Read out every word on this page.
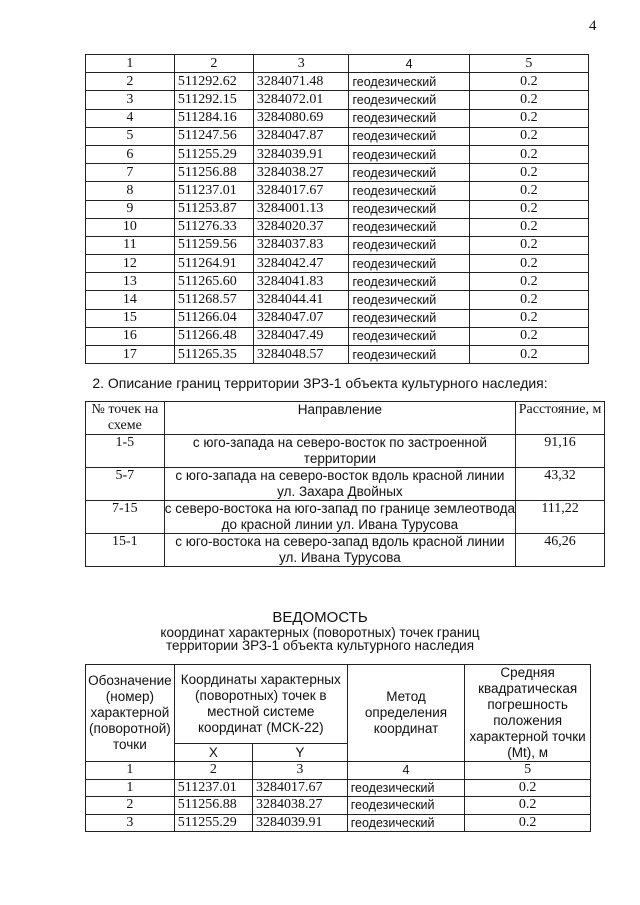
4
1	2	3	4	5
2	511292.62	3284071.48	геодезический	0.2
3	511292.15	3284072.01	геодезический	0.2
4	511284.16	3284080.69	геодезический	0.2
5	511247.56	3284047.87	геодезический	0.2
6	511255.29	3284039.91	геодезический	0.2
7	511256.88	3284038.27	геодезический	0.2
8	511237.01	3284017.67	геодезический	0.2
9	511253.87	3284001.13	геодезический	0.2
10	511276.33	3284020.37	геодезический	0.2
11	511259.56	3284037.83	геодезический	0.2
12	511264.91	3284042.47	геодезический	0.2
13	511265.60	3284041.83	геодезический	0.2
14	511268.57	3284044.41	геодезический	0.2
15	511266.04	3284047.07	геодезический	0.2
16	511266.48	3284047.49	геодезический	0.2
17	511265.35	3284048.57	геодезический	0.2
2. Описание границ территории ЗРЗ-1 объекта культурного наследия:
№ точек на схеме	Направление	Расстояние, м
1-5	с юго-запада на северо-восток по застроенной территории	91,16
5-7	с юго-запада на северо-восток вдоль красной линии ул. Захара Двойных	43,32
7-15	с северо-востока на юго-запад по границе землеотвода до красной линии ул. Ивана Турусова	111,22
15-1	с юго-востока на северо-запад вдоль красной линии ул. Ивана Турусова	46,26
ВЕДОМОСТЬ
координат характерных (поворотных) точек границ
территории ЗРЗ-1 объекта культурного наследия
Обозначение (номер) характерной (поворотной) точки	Координаты характерных (поворотных) точек в местной системе координат (МСК-22)		Метод определения координат	Средняя квадратическая погрешность положения характерной точки (Mt), м
	X	Y		
1	2	3	4	5
1	511237.01	3284017.67	геодезический	0.2
2	511256.88	3284038.27	геодезический	0.2
3	511255.29	3284039.91	геодезический	0.2
